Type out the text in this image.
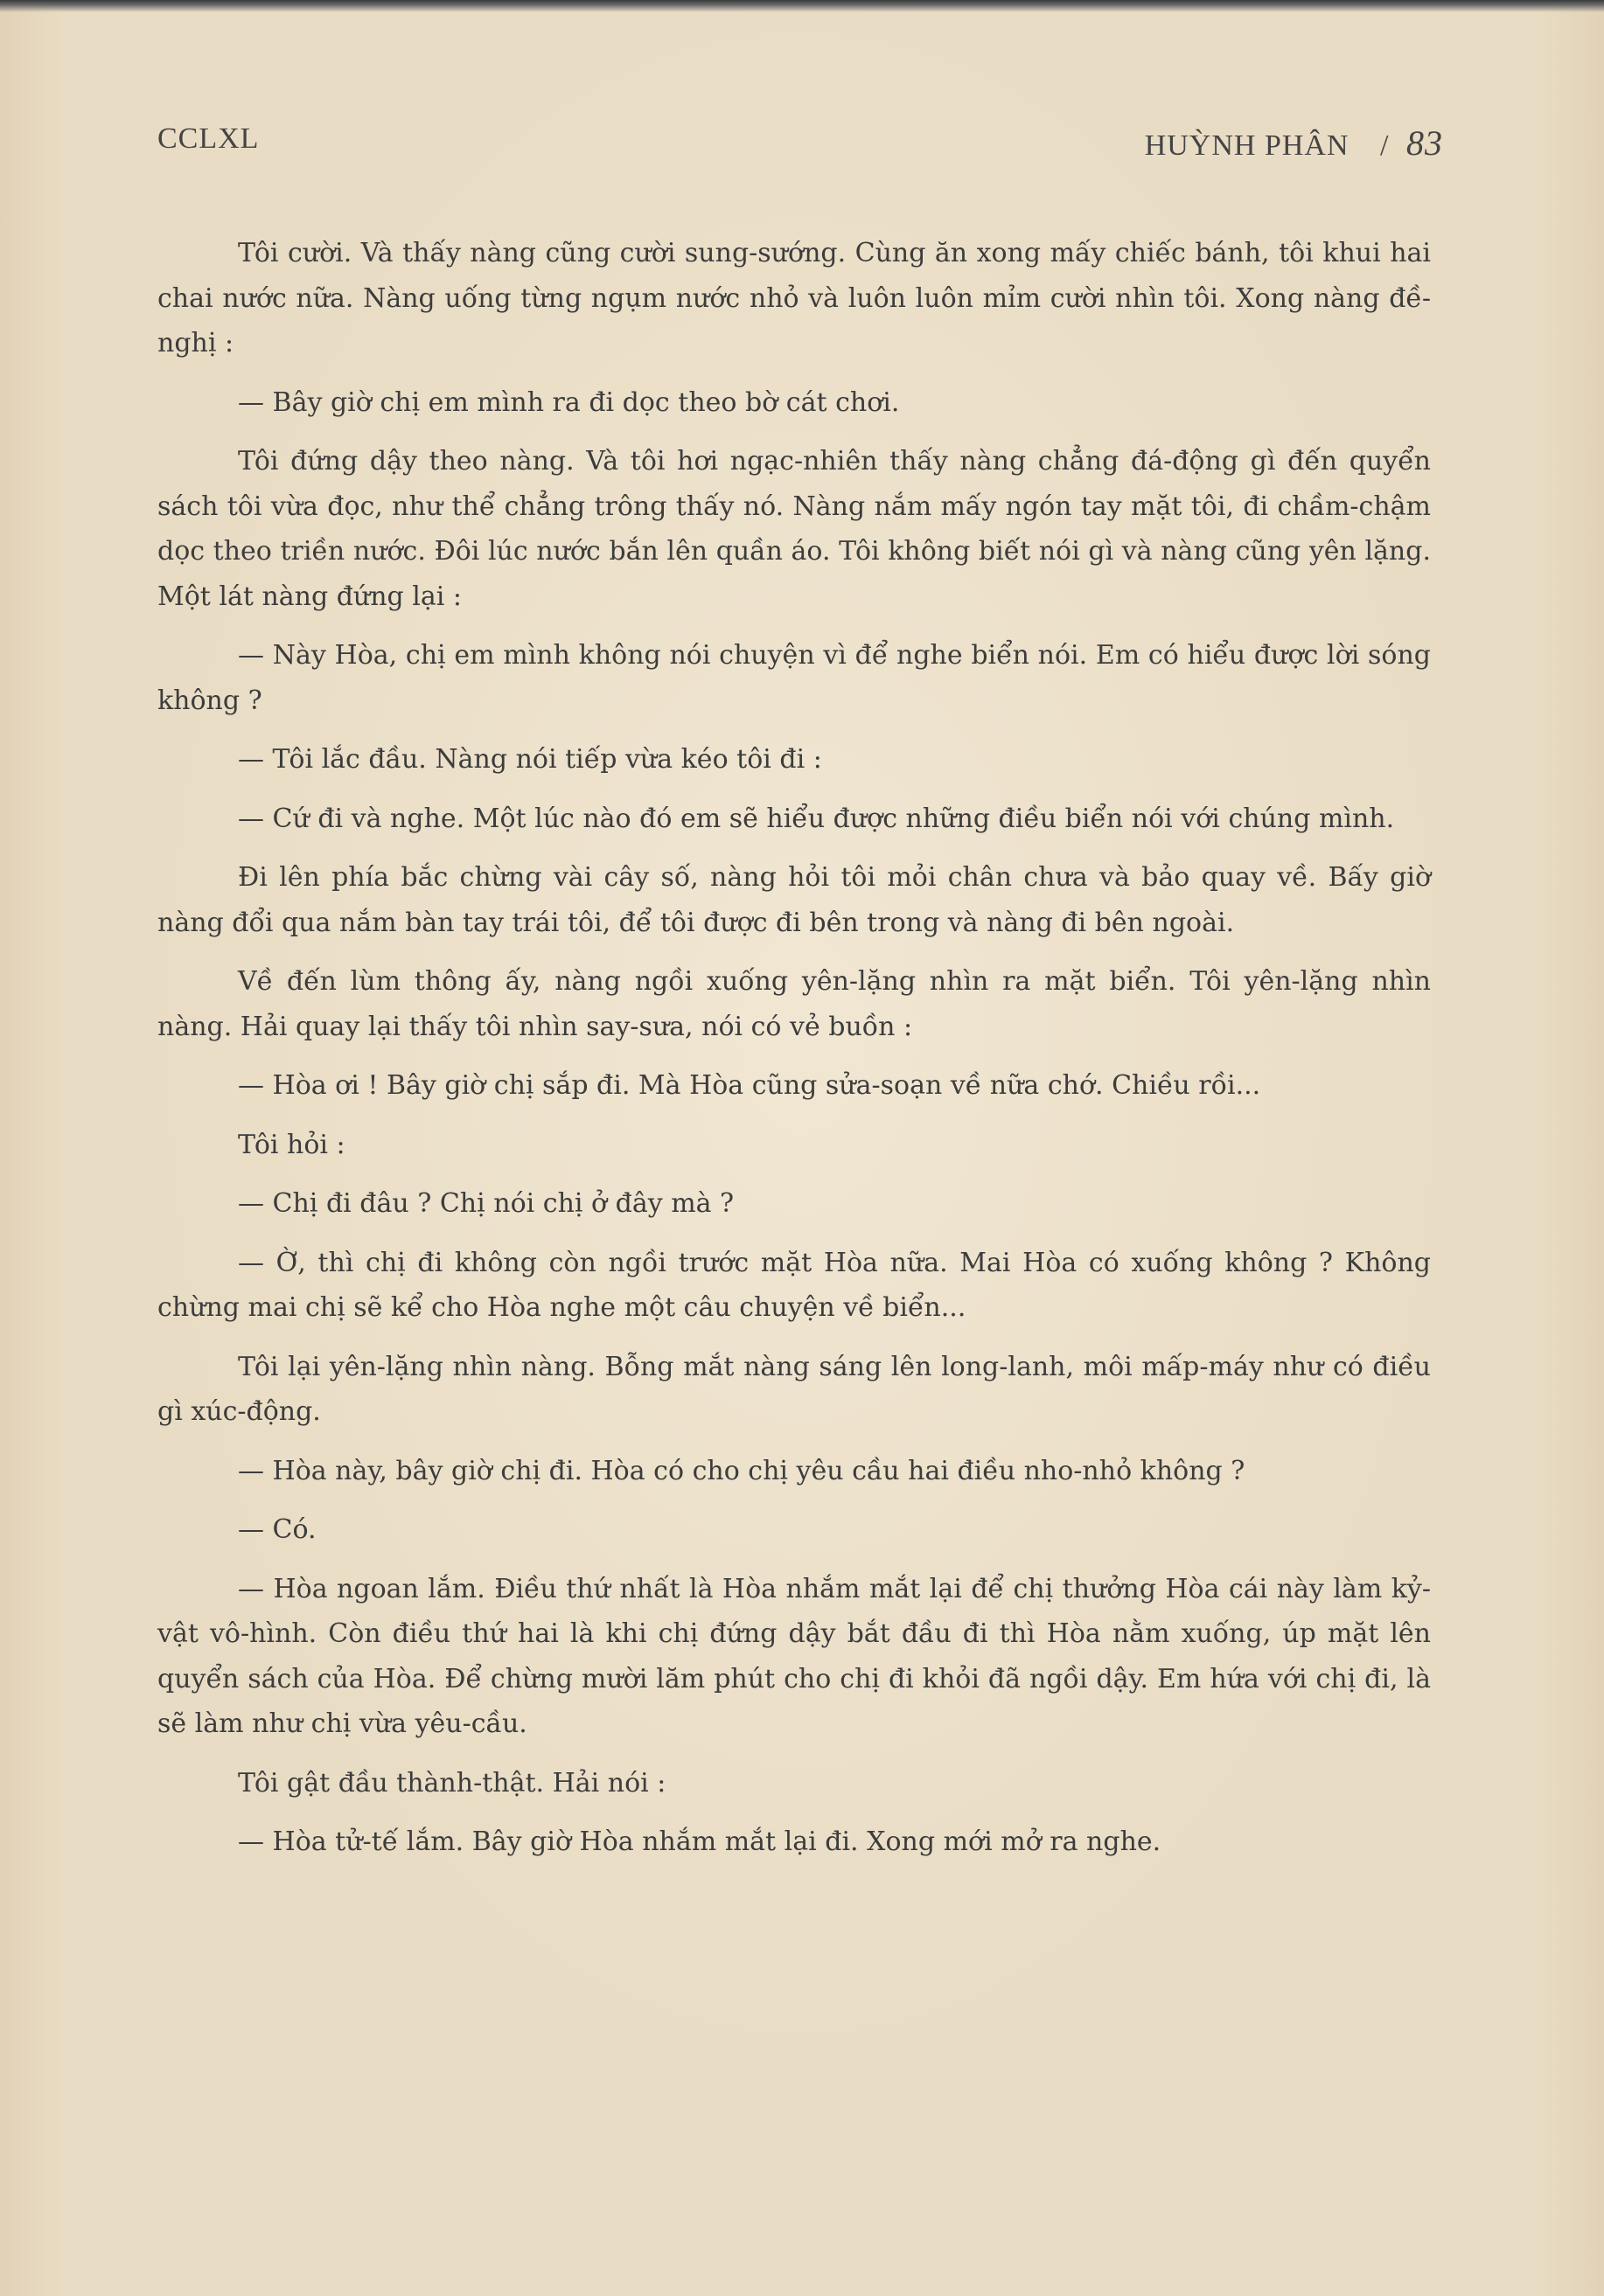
CCLXL	HUỲNH PHÂN / 83

Tôi cười. Và thấy nàng cũng cười sung-sướng. Cùng ăn xong mấy chiếc bánh, tôi khui hai chai nước nữa. Nàng uống từng ngụm nước nhỏ và luôn luôn mỉm cười nhìn tôi. Xong nàng đề-nghị :

— Bây giờ chị em mình ra đi dọc theo bờ cát chơi.

Tôi đứng dậy theo nàng. Và tôi hơi ngạc-nhiên thấy nàng chẳng đá-động gì đến quyển sách tôi vừa đọc, như thể chẳng trông thấy nó. Nàng nắm mấy ngón tay mặt tôi, đi chầm-chậm dọc theo triền nước. Đôi lúc nước bắn lên quần áo. Tôi không biết nói gì và nàng cũng yên lặng. Một lát nàng đứng lại :

— Này Hòa, chị em mình không nói chuyện vì để nghe biển nói. Em có hiểu được lời sóng không ?

— Tôi lắc đầu. Nàng nói tiếp vừa kéo tôi đi :

— Cứ đi và nghe. Một lúc nào đó em sẽ hiểu được những điều biển nói với chúng mình.

Đi lên phía bắc chừng vài cây số, nàng hỏi tôi mỏi chân chưa và bảo quay về. Bấy giờ nàng đổi qua nắm bàn tay trái tôi, để tôi được đi bên trong và nàng đi bên ngoài.

Về đến lùm thông ấy, nàng ngồi xuống yên-lặng nhìn ra mặt biển. Tôi yên-lặng nhìn nàng. Hải quay lại thấy tôi nhìn say-sưa, nói có vẻ buồn :

— Hòa ơi ! Bây giờ chị sắp đi. Mà Hòa cũng sửa-soạn về nữa chớ. Chiều rồi...

Tôi hỏi :

— Chị đi đâu ? Chị nói chị ở đây mà ?

— Ờ, thì chị đi không còn ngồi trước mặt Hòa nữa. Mai Hòa có xuống không ? Không chừng mai chị sẽ kể cho Hòa nghe một câu chuyện về biển...

Tôi lại yên-lặng nhìn nàng. Bỗng mắt nàng sáng lên long-lanh, môi mấp-máy như có điều gì xúc-động.

— Hòa này, bây giờ chị đi. Hòa có cho chị yêu cầu hai điều nho-nhỏ không ?

— Có.

— Hòa ngoan lắm. Điều thứ nhất là Hòa nhắm mắt lại để chị thưởng Hòa cái này làm kỷ-vật vô-hình. Còn điều thứ hai là khi chị đứng dậy bắt đầu đi thì Hòa nằm xuống, úp mặt lên quyển sách của Hòa. Để chừng mười lăm phút cho chị đi khỏi đã ngồi dậy. Em hứa với chị đi, là sẽ làm như chị vừa yêu-cầu.

Tôi gật đầu thành-thật. Hải nói :

— Hòa tử-tế lắm. Bây giờ Hòa nhắm mắt lại đi. Xong mới mở ra nghe.
